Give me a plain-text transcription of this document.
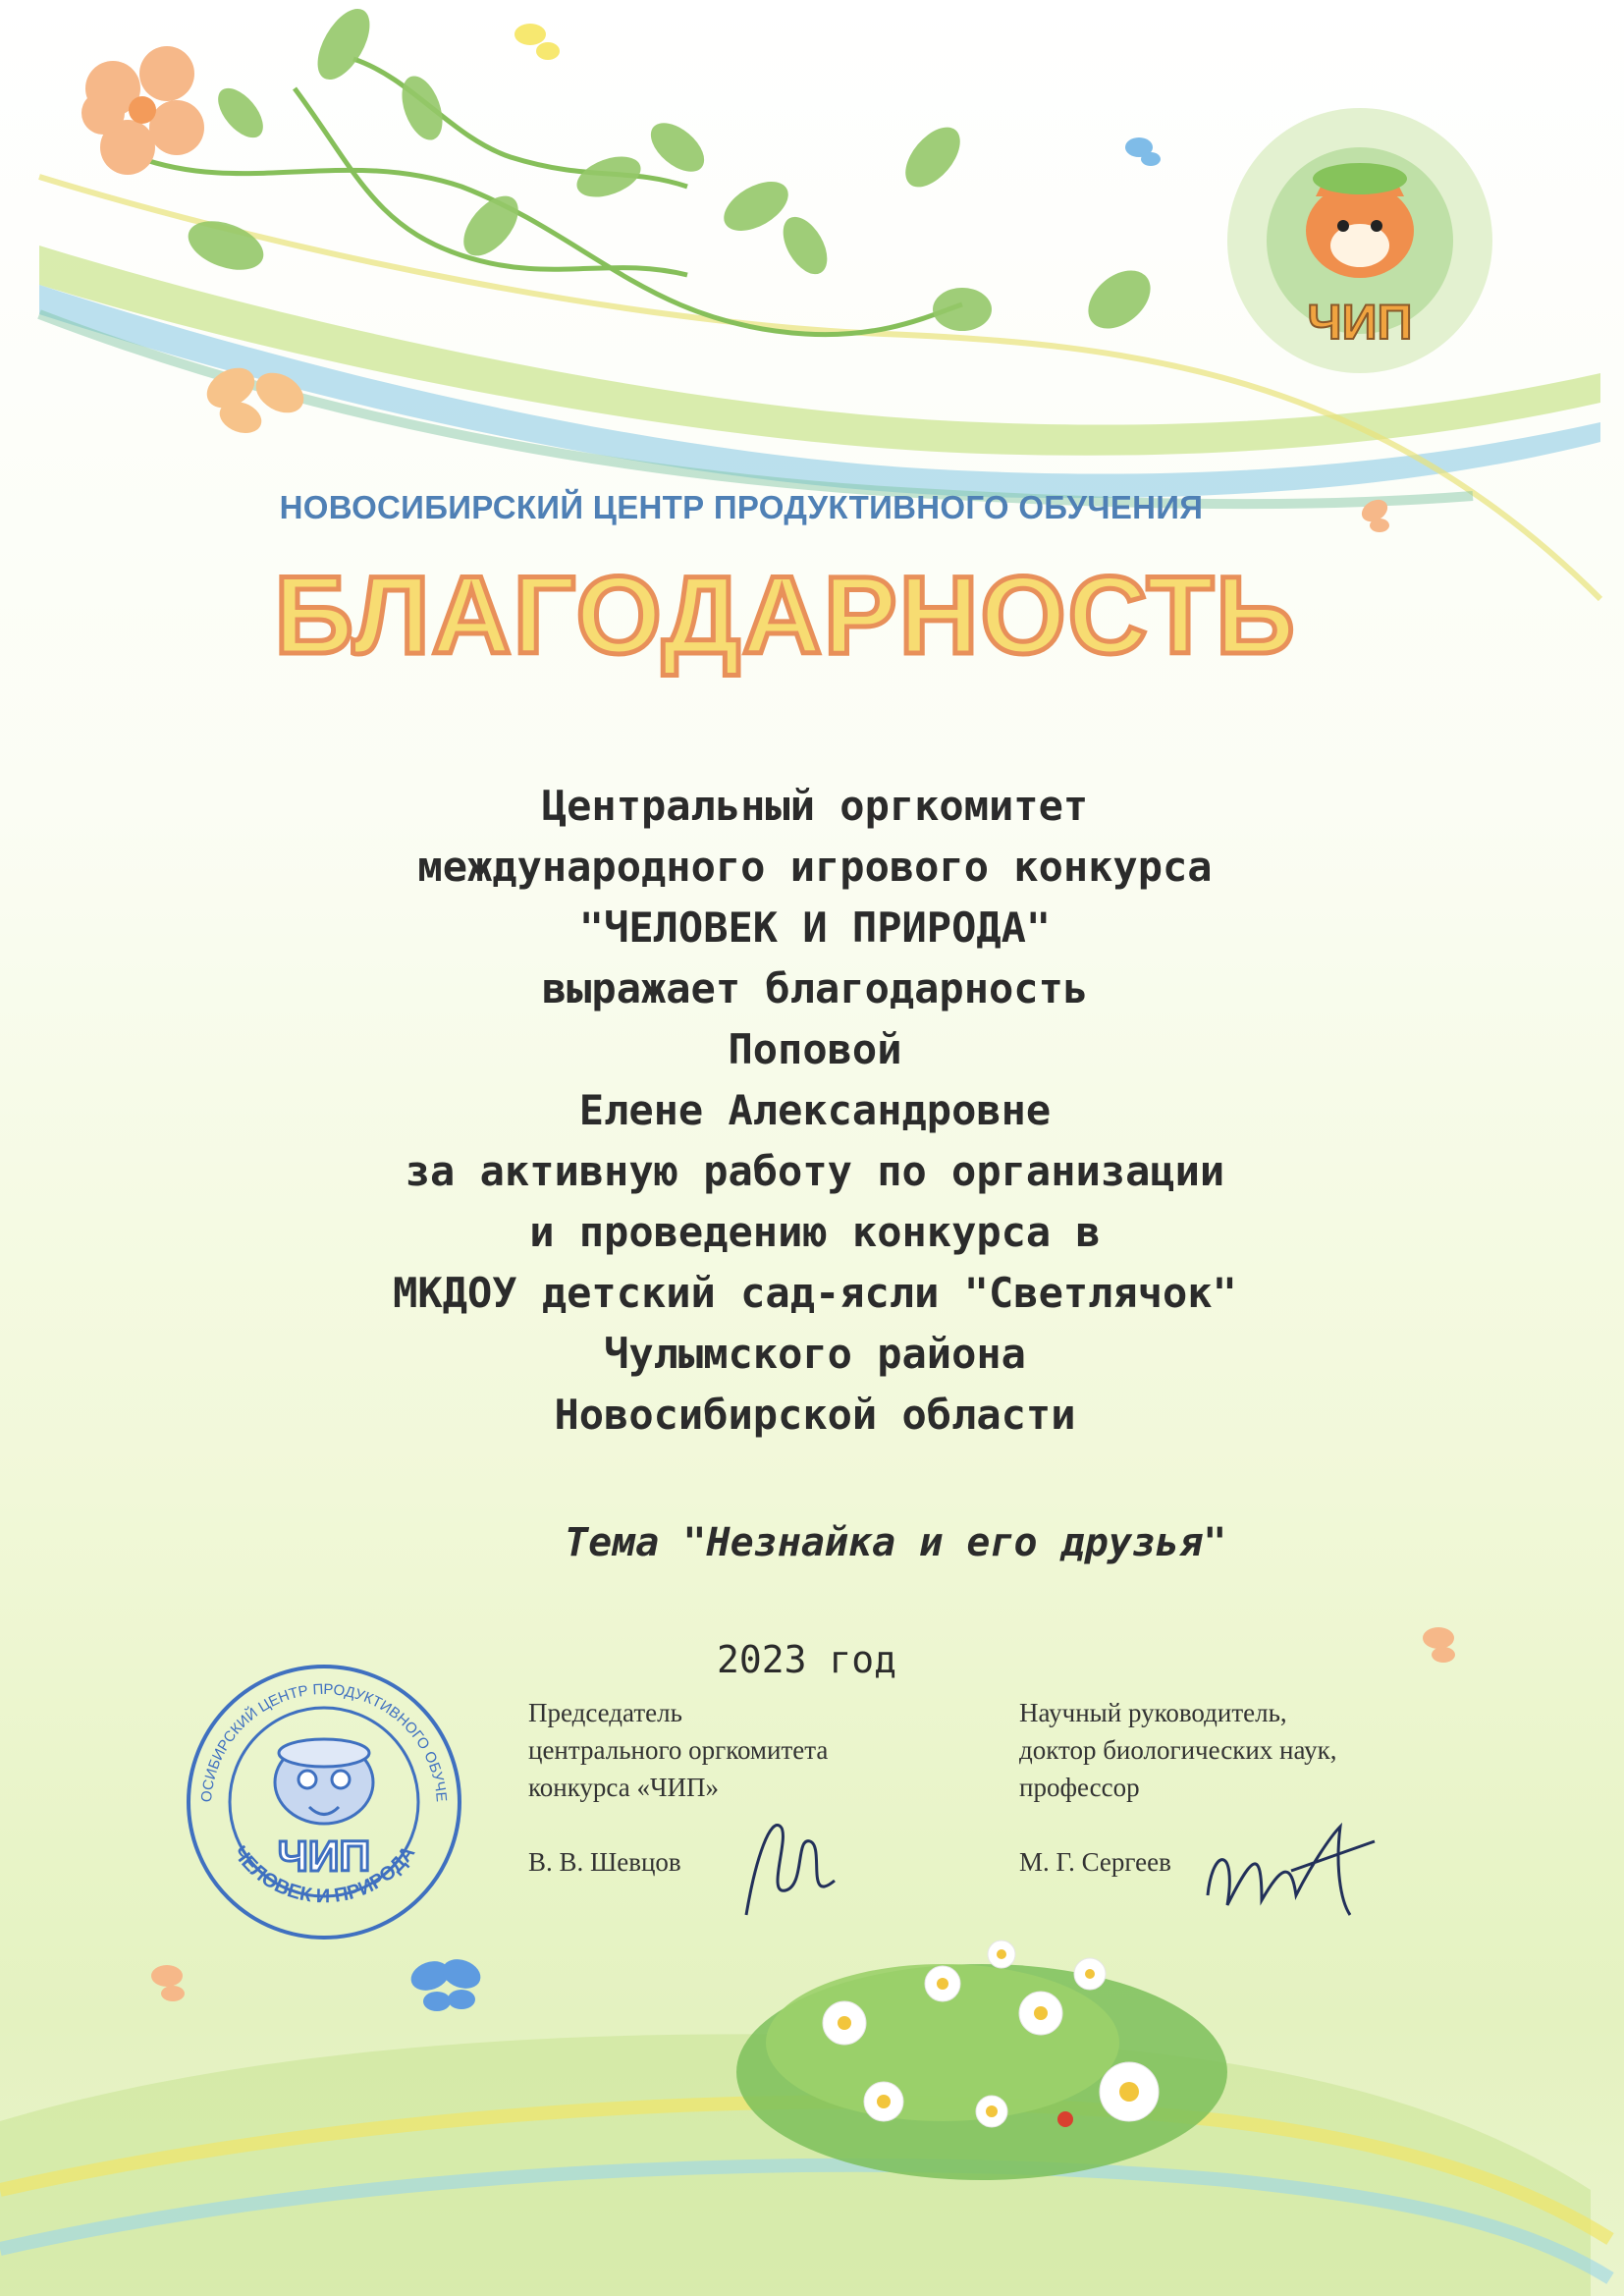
ЧИП
НОВОСИБИРСКИЙ ЦЕНТР ПРОДУКТИВНОГО ОБУЧЕНИЯ
БЛАГОДАРНОСТЬ
Центральный оргкомитет
международного игрового конкурса
"ЧЕЛОВЕК И ПРИРОДА"
выражает благодарность
Поповой
Елене Александровне
за активную работу по организации
и проведению конкурса в
МКДОУ детский сад-ясли "Светлячок"
Чулымского района
Новосибирской области
Тема "Незнайка и его друзья"
2023 год
ЧИП
ОСИБИРСКИЙ ЦЕНТР ПРОДУКТИВНОГО ОБУЧЕ
ЧЕЛОВЕК И ПРИРОДА
Председатель
центрального оргкомитета
конкурса «ЧИП»
В. В. Шевцов
Научный руководитель,
доктор биологических наук,
профессор
М. Г. Сергеев
